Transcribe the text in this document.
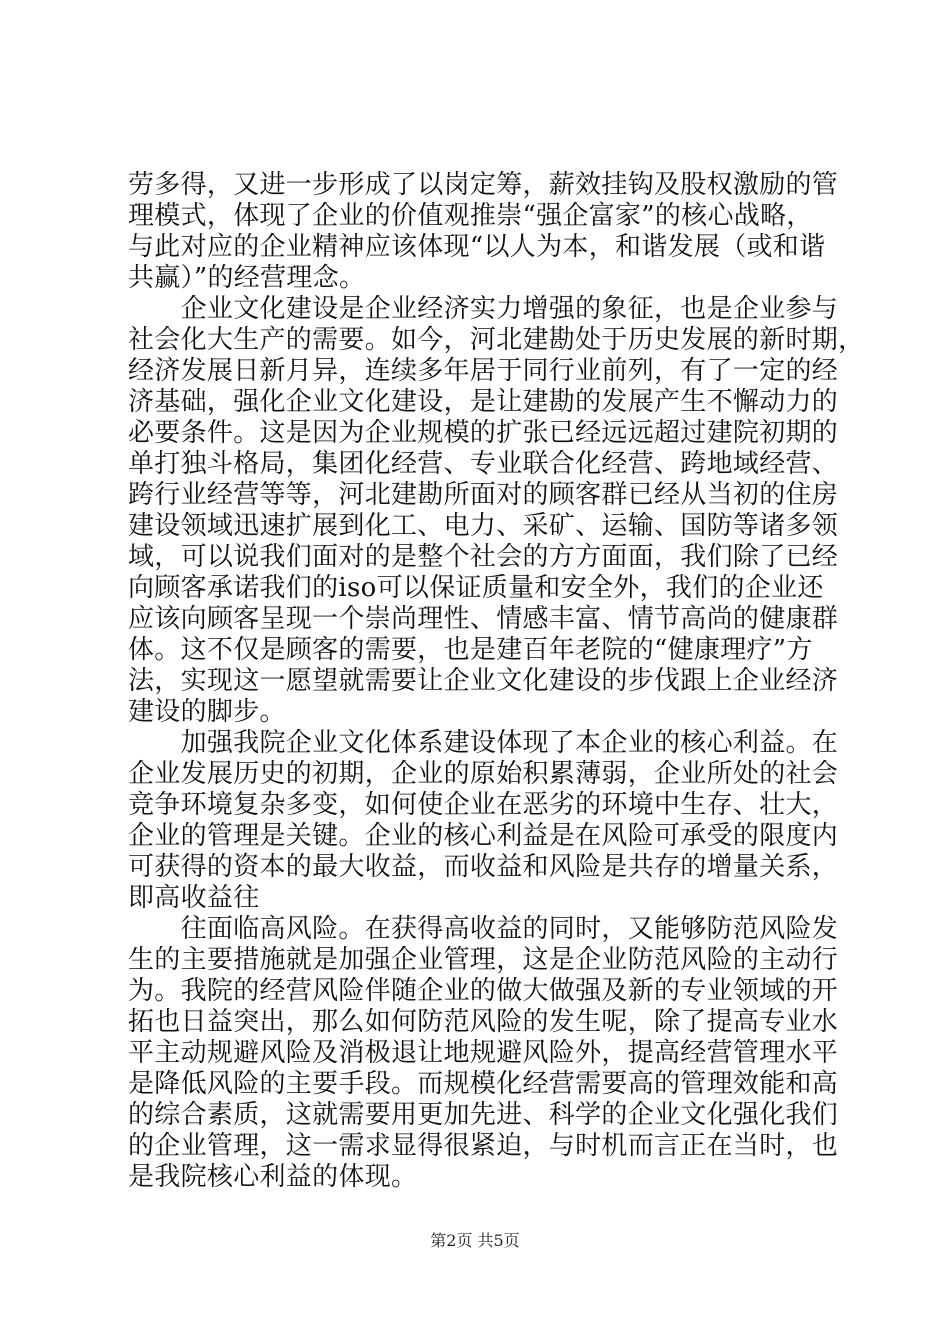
劳多得，又进一步形成了以岗定筹，薪效挂钩及股权激励的管
理模式，体现了企业的价值观推崇“强企富家”的核心战略，
与此对应的企业精神应该体现“以人为本，和谐发展（或和谐
共赢）”的经营理念。
　　企业文化建设是企业经济实力增强的象征，也是企业参与
社会化大生产的需要。如今，河北建勘处于历史发展的新时期，
经济发展日新月异，连续多年居于同行业前列，有了一定的经
济基础，强化企业文化建设，是让建勘的发展产生不懈动力的
必要条件。这是因为企业规模的扩张已经远远超过建院初期的
单打独斗格局，集团化经营、专业联合化经营、跨地域经营、
跨行业经营等等，河北建勘所面对的顾客群已经从当初的住房
建设领域迅速扩展到化工、电力、采矿、运输、国防等诸多领
域，可以说我们面对的是整个社会的方方面面，我们除了已经
向顾客承诺我们的iso可以保证质量和安全外，我们的企业还
应该向顾客呈现一个崇尚理性、情感丰富、情节高尚的健康群
体。这不仅是顾客的需要，也是建百年老院的“健康理疗”方
法，实现这一愿望就需要让企业文化建设的步伐跟上企业经济
建设的脚步。
　　加强我院企业文化体系建设体现了本企业的核心利益。在
企业发展历史的初期，企业的原始积累薄弱，企业所处的社会
竞争环境复杂多变，如何使企业在恶劣的环境中生存、壮大，
企业的管理是关键。企业的核心利益是在风险可承受的限度内
可获得的资本的最大收益，而收益和风险是共存的增量关系，
即高收益往
　　往面临高风险。在获得高收益的同时，又能够防范风险发
生的主要措施就是加强企业管理，这是企业防范风险的主动行
为。我院的经营风险伴随企业的做大做强及新的专业领域的开
拓也日益突出，那么如何防范风险的发生呢，除了提高专业水
平主动规避风险及消极退让地规避风险外，提高经营管理水平
是降低风险的主要手段。而规模化经营需要高的管理效能和高
的综合素质，这就需要用更加先进、科学的企业文化强化我们
的企业管理，这一需求显得很紧迫，与时机而言正在当时，也
是我院核心利益的体现。
第2页 共5页
